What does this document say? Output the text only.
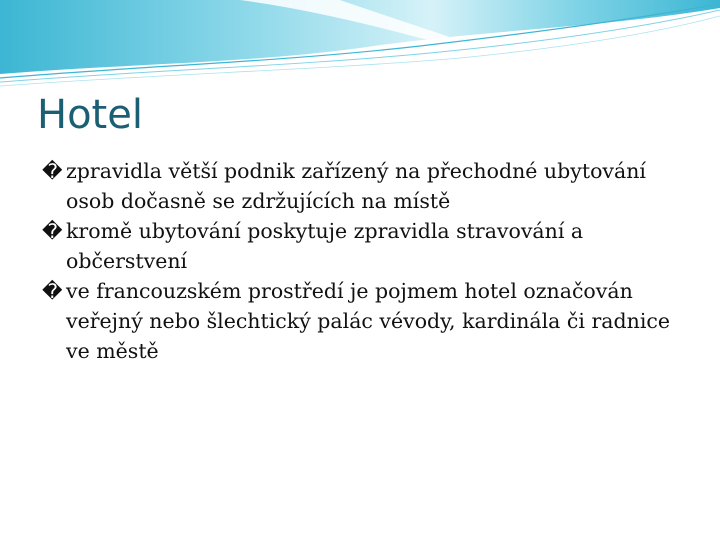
Hotel
� zpravidla větší podnik zařízený na přechodné ubytování osob dočasně se zdržujících na místě
� kromě ubytování poskytuje zpravidla stravování a občerstvení
� ve francouzském prostředí je pojmem hotel označován veřejný nebo šlechtický palác vévody, kardinála či radnice ve městě
